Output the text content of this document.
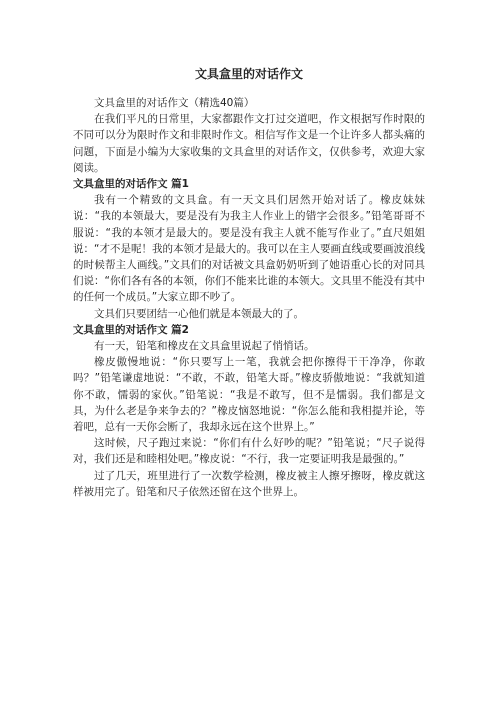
文具盒里的对话作文

文具盒里的对话作文（精选40篇）

在我们平凡的日常里，大家都跟作文打过交道吧，作文根据写作时限的不同可以分为限时作文和非限时作文。相信写作文是一个让许多人都头痛的问题，下面是小编为大家收集的文具盒里的对话作文，仅供参考，欢迎大家阅读。

文具盒里的对话作文 篇1

我有一个精致的文具盒。有一天文具们居然开始对话了。橡皮妹妹说：“我的本领最大，要是没有为我主人作业上的错字会很多。”铅笔哥哥不服说：“我的本领才是最大的。要是没有我主人就不能写作业了。”直尺姐姐说：“才不是呢！我的本领才是最大的。我可以在主人要画直线或要画波浪线的时候帮主人画线。”文具们的对话被文具盒奶奶听到了她语重心长的对同具们说：“你们各有各的本领，你们不能来比谁的本领大。文具里不能没有其中的任何一个成员。”大家立即不吵了。

文具们只要团结一心他们就是本领最大的了。

文具盒里的对话作文 篇2

有一天，铅笔和橡皮在文具盒里说起了悄悄话。

橡皮傲慢地说：“你只要写上一笔，我就会把你擦得干干净净，你敢吗？”铅笔谦虚地说：“不敢，不敢，铅笔大哥。”橡皮骄傲地说：“我就知道你不敢，懦弱的家伙。”铅笔说：“我是不敢写，但不是懦弱。我们都是文具，为什么老是争来争去的？”橡皮恼怒地说：“你怎么能和我相提并论，等着吧，总有一天你会断了，我却永远在这个世界上。”

这时候，尺子跑过来说：“你们有什么好吵的呢？”铅笔说；“尺子说得对，我们还是和睦相处吧。”橡皮说：“不行，我一定要证明我是最强的。”

过了几天，班里进行了一次数学检测，橡皮被主人擦牙擦呀，橡皮就这样被用完了。铅笔和尺子依然还留在这个世界上。
